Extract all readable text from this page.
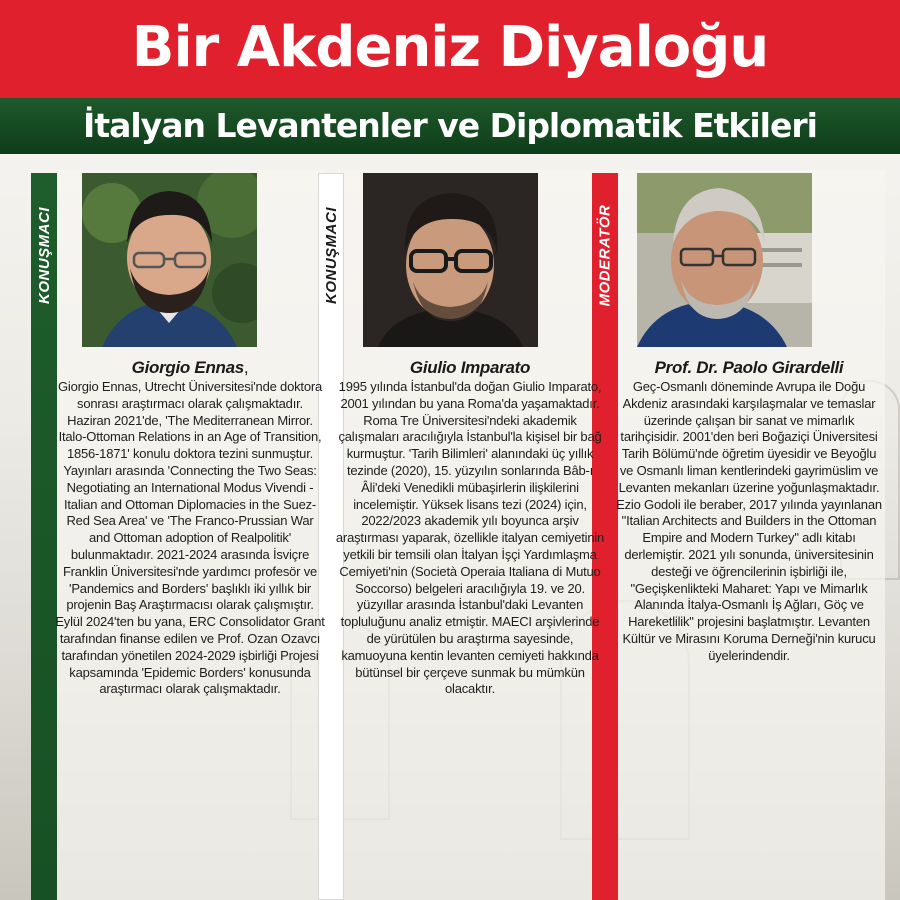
Bir Akdeniz Diyaloğu
İtalyan Levantenler ve Diplomatik Etkileri
KONUŞMACI	KONUŞMACI	MODERATÖR
Giorgio Ennas,	Giulio Imparato	Prof. Dr. Paolo Girardelli
Giorgio Ennas, Utrecht Üniversitesi'nde doktora sonrası araştırmacı olarak çalışmaktadır. Haziran 2021'de, 'The Mediterranean Mirror. Italo-Ottoman Relations in an Age of Transition, 1856-1871' konulu doktora tezini sunmuştur. Yayınları arasında 'Connecting the Two Seas: Negotiating an International Modus Vivendi - Italian and Ottoman Diplomacies in the Suez-Red Sea Area' ve 'The Franco-Prussian War and Ottoman adoption of Realpolitik' bulunmaktadır. 2021-2024 arasında İsviçre Franklin Üniversitesi'nde yardımcı profesör ve 'Pandemics and Borders' başlıklı iki yıllık bir projenin Baş Araştırmacısı olarak çalışmıştır. Eylül 2024'ten bu yana, ERC Consolidator Grant tarafından finanse edilen ve Prof. Ozan Ozavcı tarafından yönetilen 2024-2029 işbirliği Projesi kapsamında 'Epidemic Borders' konusunda araştırmacı olarak çalışmaktadır.
1995 yılında İstanbul'da doğan Giulio Imparato, 2001 yılından bu yana Roma'da yaşamaktadır. Roma Tre Üniversitesi'ndeki akademik çalışmaları aracılığıyla İstanbul'la kişisel bir bağ kurmuştur. 'Tarih Bilimleri' alanındaki üç yıllık tezinde (2020), 15. yüzyılın sonlarında Bâb-ı Âli'deki Venedikli mübaşirlerin ilişkilerini incelemiştir. Yüksek lisans tezi (2024) için, 2022/2023 akademik yılı boyunca arşiv araştırması yaparak, özellikle italyan cemiyetinin yetkili bir temsili olan İtalyan İşçi Yardımlaşma Cemiyeti'nin (Società Operaia Italiana di Mutuo Soccorso) belgeleri aracılığıyla 19. ve 20. yüzyıllar arasında İstanbul'daki Levanten topluluğunu analiz etmiştir. MAECI arşivlerinde de yürütülen bu araştırma sayesinde, kamuoyuna kentin levanten cemiyeti hakkında bütünsel bir çerçeve sunmak bu mümkün olacaktır.
Geç-Osmanlı döneminde Avrupa ile Doğu Akdeniz arasındaki karşılaşmalar ve temaslar üzerinde çalışan bir sanat ve mimarlık tarihçisidir. 2001'den beri Boğaziçi Üniversitesi Tarih Bölümü'nde öğretim üyesidir ve Beyoğlu ve Osmanlı liman kentlerindeki gayrimüslim ve Levanten mekanları üzerine yoğunlaşmaktadır. Ezio Godoli ile beraber, 2017 yılında yayınlanan "Italian Architects and Builders in the Ottoman Empire and Modern Turkey" adlı kitabı derlemiştir. 2021 yılı sonunda, üniversitesinin desteği ve öğrencilerinin işbirliği ile, "Geçişkenlikteki Maharet: Yapı ve Mimarlık Alanında İtalya-Osmanlı İş Ağları, Göç ve Hareketlilik" projesini başlatmıştır. Levanten Kültür ve Mirasını Koruma Derneği'nin kurucu üyelerindendir.
